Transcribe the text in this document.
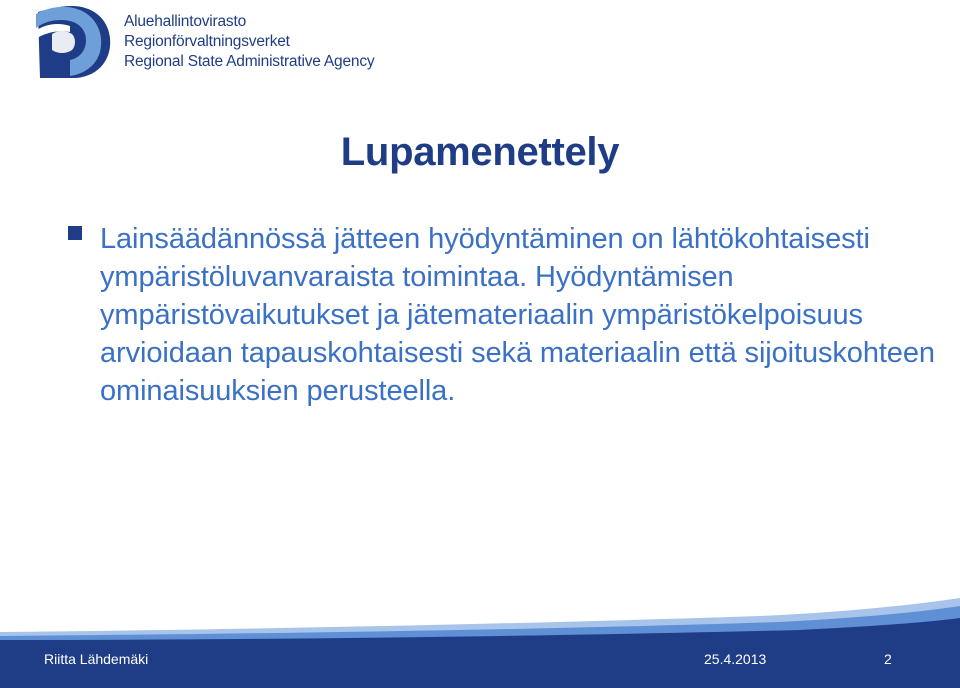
Aluehallintovirasto
Regionförvaltningsverket
Regional State Administrative Agency
Lupamenettely

Lainsäädännössä jätteen hyödyntäminen on lähtökohtaisesti ympäristöluvanvaraista toimintaa. Hyödyntämisen ympäristövaikutukset ja jätemateriaalin ympäristökelpoisuus arvioidaan tapauskohtaisesti sekä materiaalin että sijoituskohteen ominaisuuksien perusteella.

Riitta Lähdemäki	25.4.2013	2
